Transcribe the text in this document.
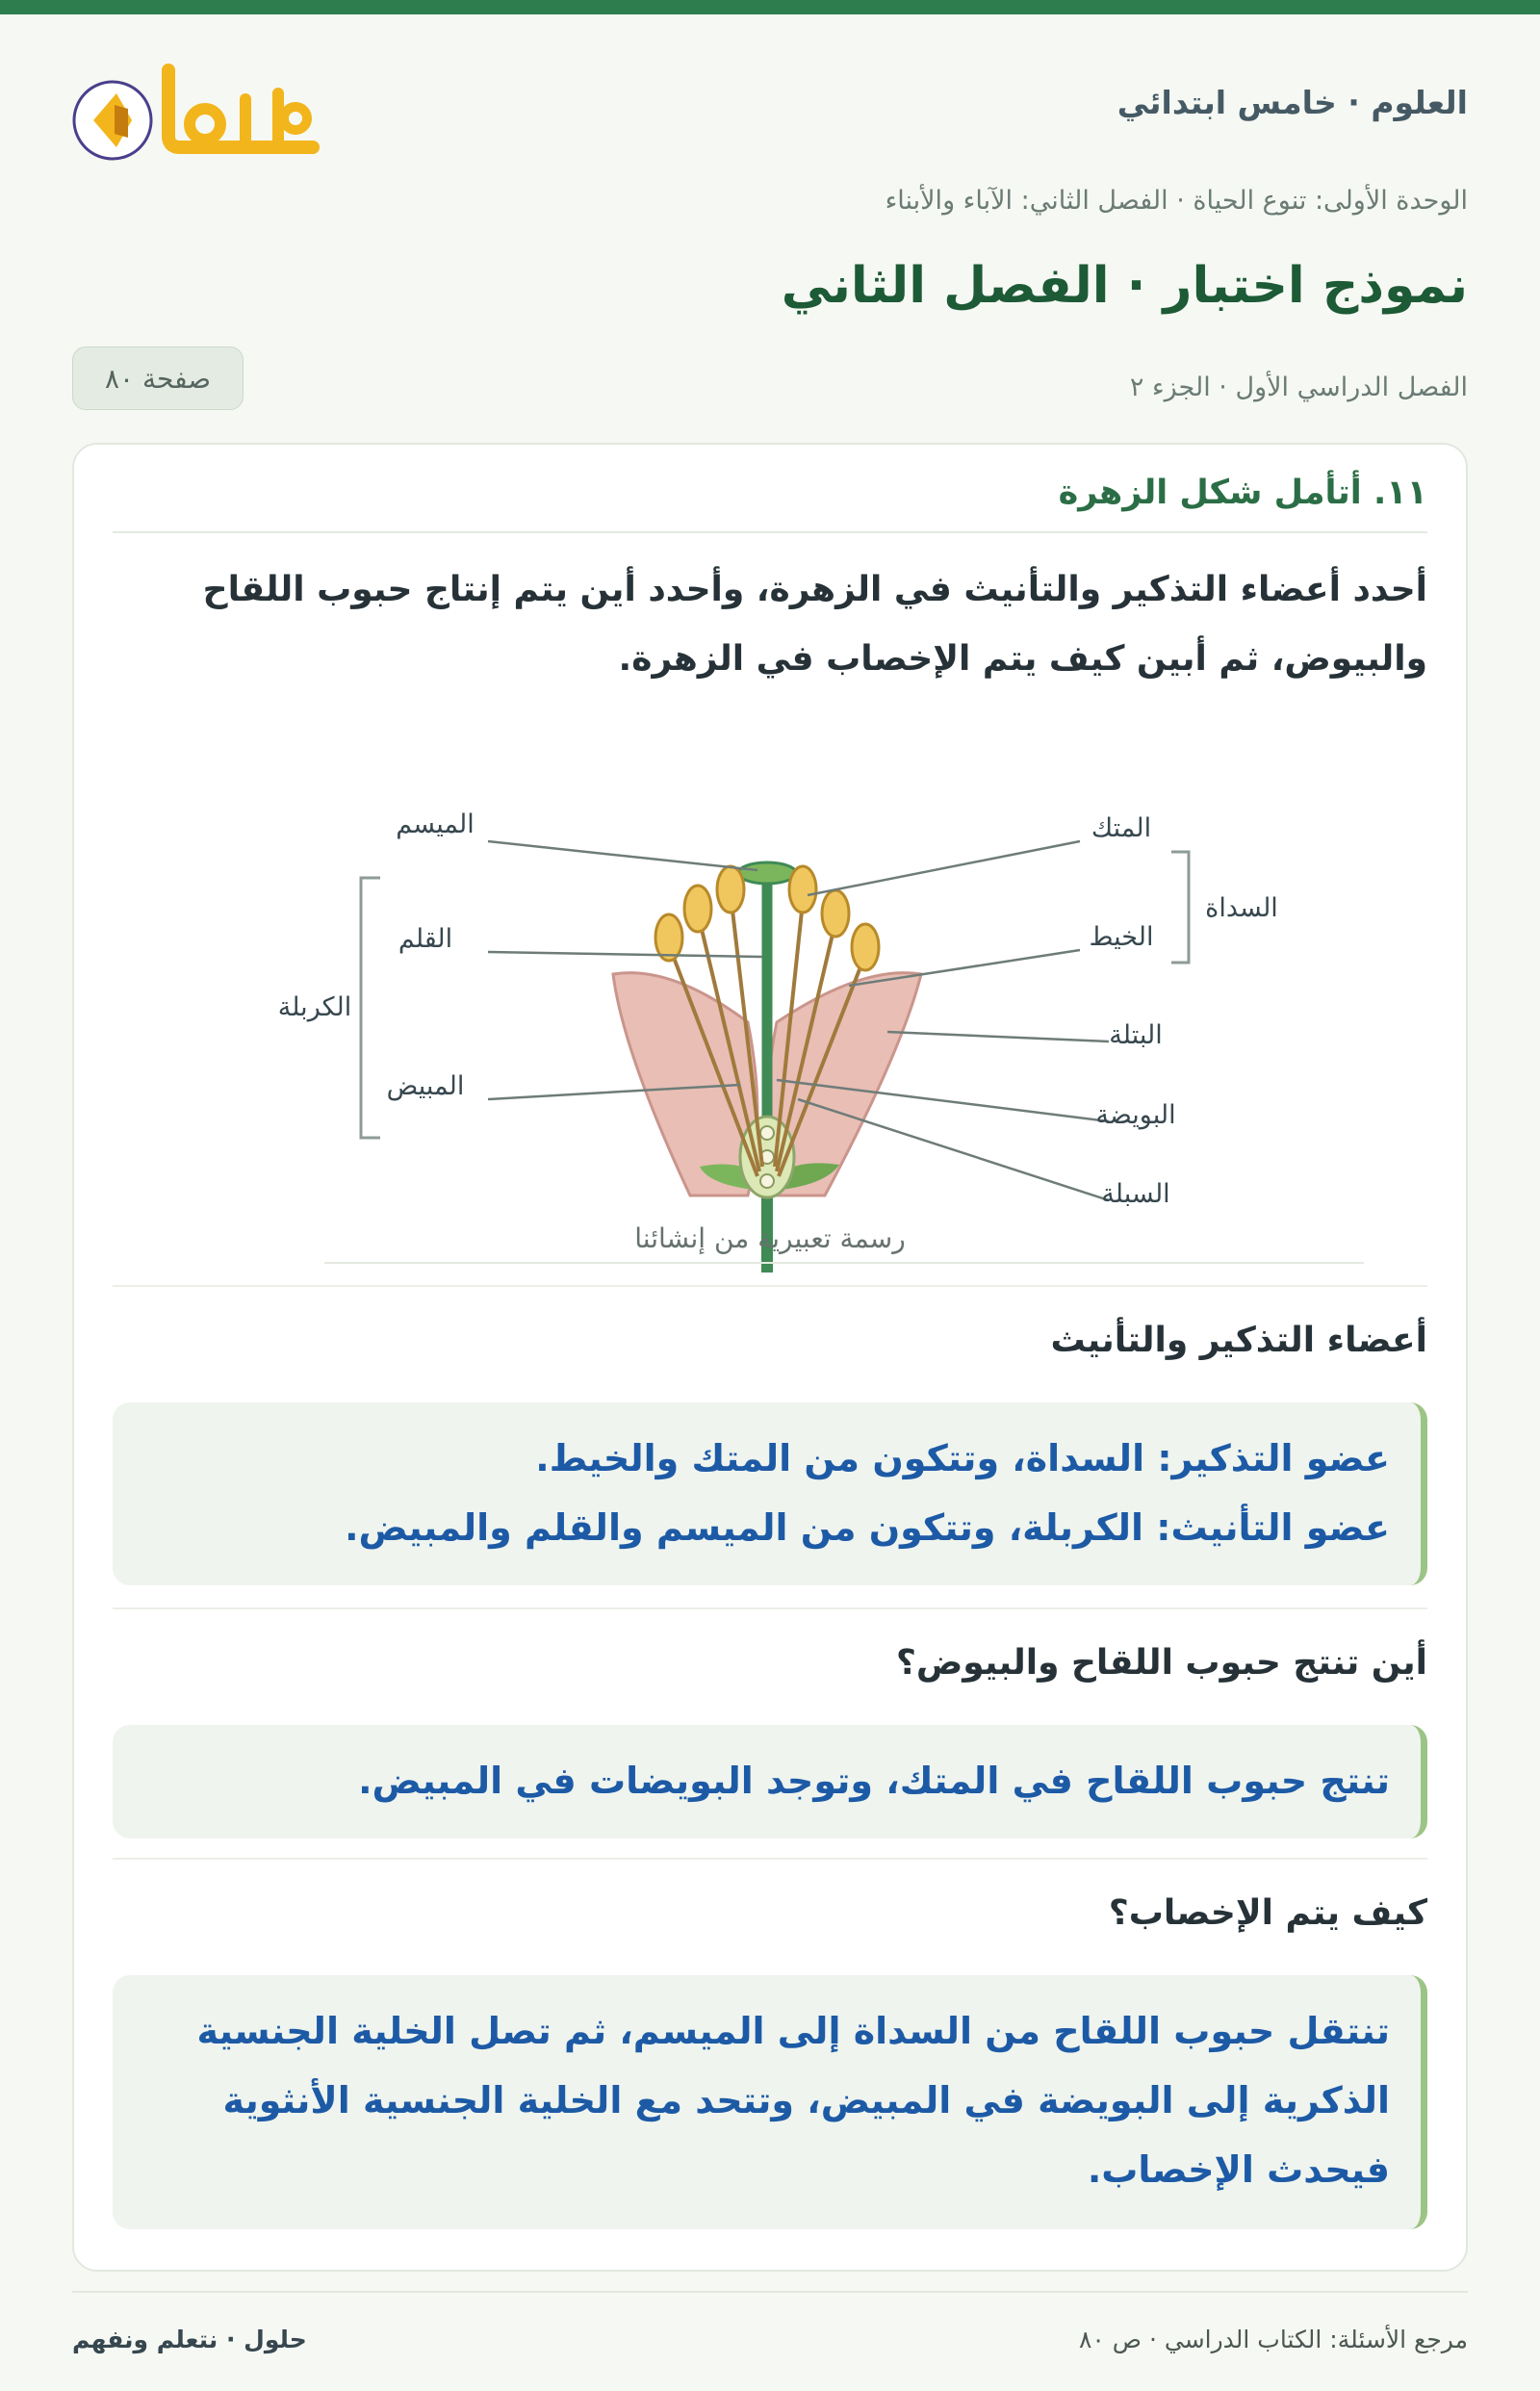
العلوم · خامس ابتدائي
الوحدة الأولى: تنوع الحياة · الفصل الثاني: الآباء والأبناء
نموذج اختبار · الفصل الثاني
الفصل الدراسي الأول · الجزء ٢
صفحة ٨٠
١١. أتأمل شكل الزهرة

أحدد أعضاء التذكير والتأنيث في الزهرة، وأحدد أين يتم إنتاج حبوب اللقاح والبيوض، ثم أبين كيف يتم الإخصاب في الزهرة.

الميسم
القلم
المبيض
الكربلة
المتك
الخيط
السداة
البتلة
البويضة
السبلة
رسمة تعبيرية من إنشائنا
أعضاء التذكير والتأنيث
عضو التذكير: السداة، وتتكون من المتك والخيط.
عضو التأنيث: الكربلة، وتتكون من الميسم والقلم والمبيض.
أين تنتج حبوب اللقاح والبيوض؟
تنتج حبوب اللقاح في المتك، وتوجد البويضات في المبيض.
كيف يتم الإخصاب؟
تنتقل حبوب اللقاح من السداة إلى الميسم، ثم تصل الخلية الجنسية الذكرية إلى البويضة في المبيض، وتتحد مع الخلية الجنسية الأنثوية فيحدث الإخصاب.
مرجع الأسئلة: الكتاب الدراسي · ص ٨٠
حلول · نتعلم ونفهم
